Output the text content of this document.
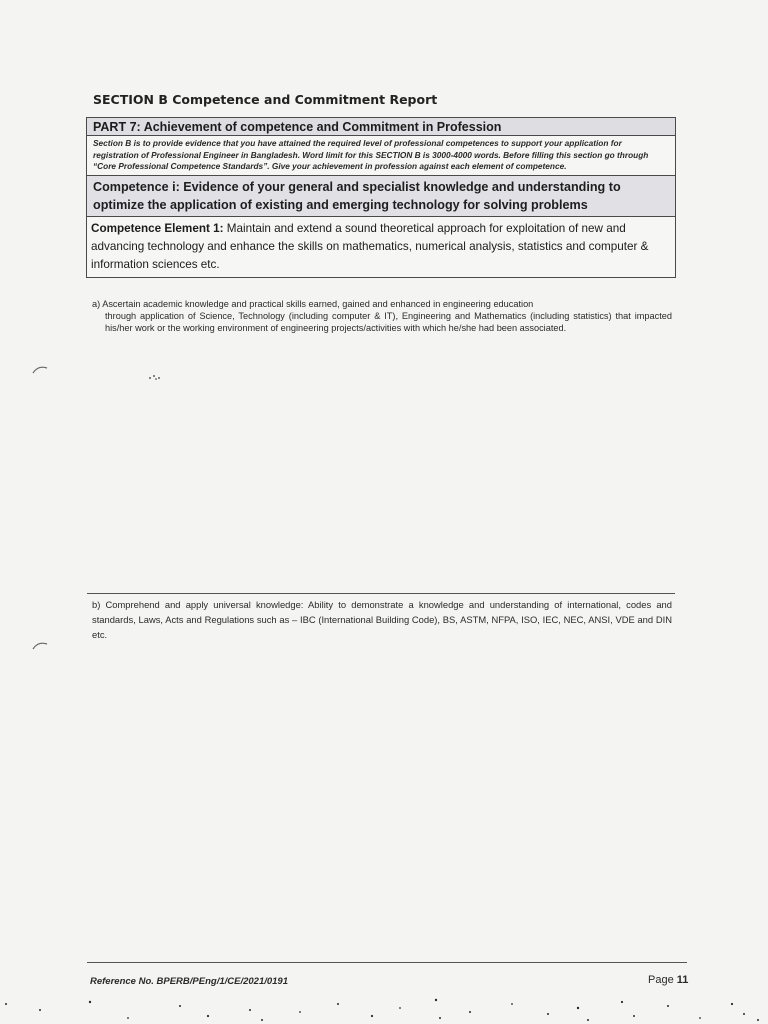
SECTION B Competence and Commitment Report
PART 7: Achievement of competence and Commitment in Profession
Section B is to provide evidence that you have attained the required level of professional competences to support your application for registration of Professional Engineer in Bangladesh. Word limit for this SECTION B is 3000-4000 words. Before filling this section go through “Core Professional Competence Standards”. Give your achievement in profession against each element of competence.
Competence i: Evidence of your general and specialist knowledge and understanding to optimize the application of existing and emerging technology for solving problems
Competence Element 1: Maintain and extend a sound theoretical approach for exploitation of new and advancing technology and enhance the skills on mathematics, numerical analysis, statistics and computer & information sciences etc.
a) Ascertain academic knowledge and practical skills earned, gained and enhanced in engineering education
through application of Science, Technology (including computer & IT), Engineering and Mathematics (including statistics) that impacted his/her work or the working environment of engineering projects/activities with which he/she had been associated.
b) Comprehend and apply universal knowledge: Ability to demonstrate a knowledge and understanding of international, codes and standards, Laws, Acts and Regulations such as – IBC (International Building Code), BS, ASTM, NFPA, ISO, IEC, NEC, ANSI, VDE and DIN etc.
Reference No. BPERB/PEng/1/CE/2021/0191	Page 11
